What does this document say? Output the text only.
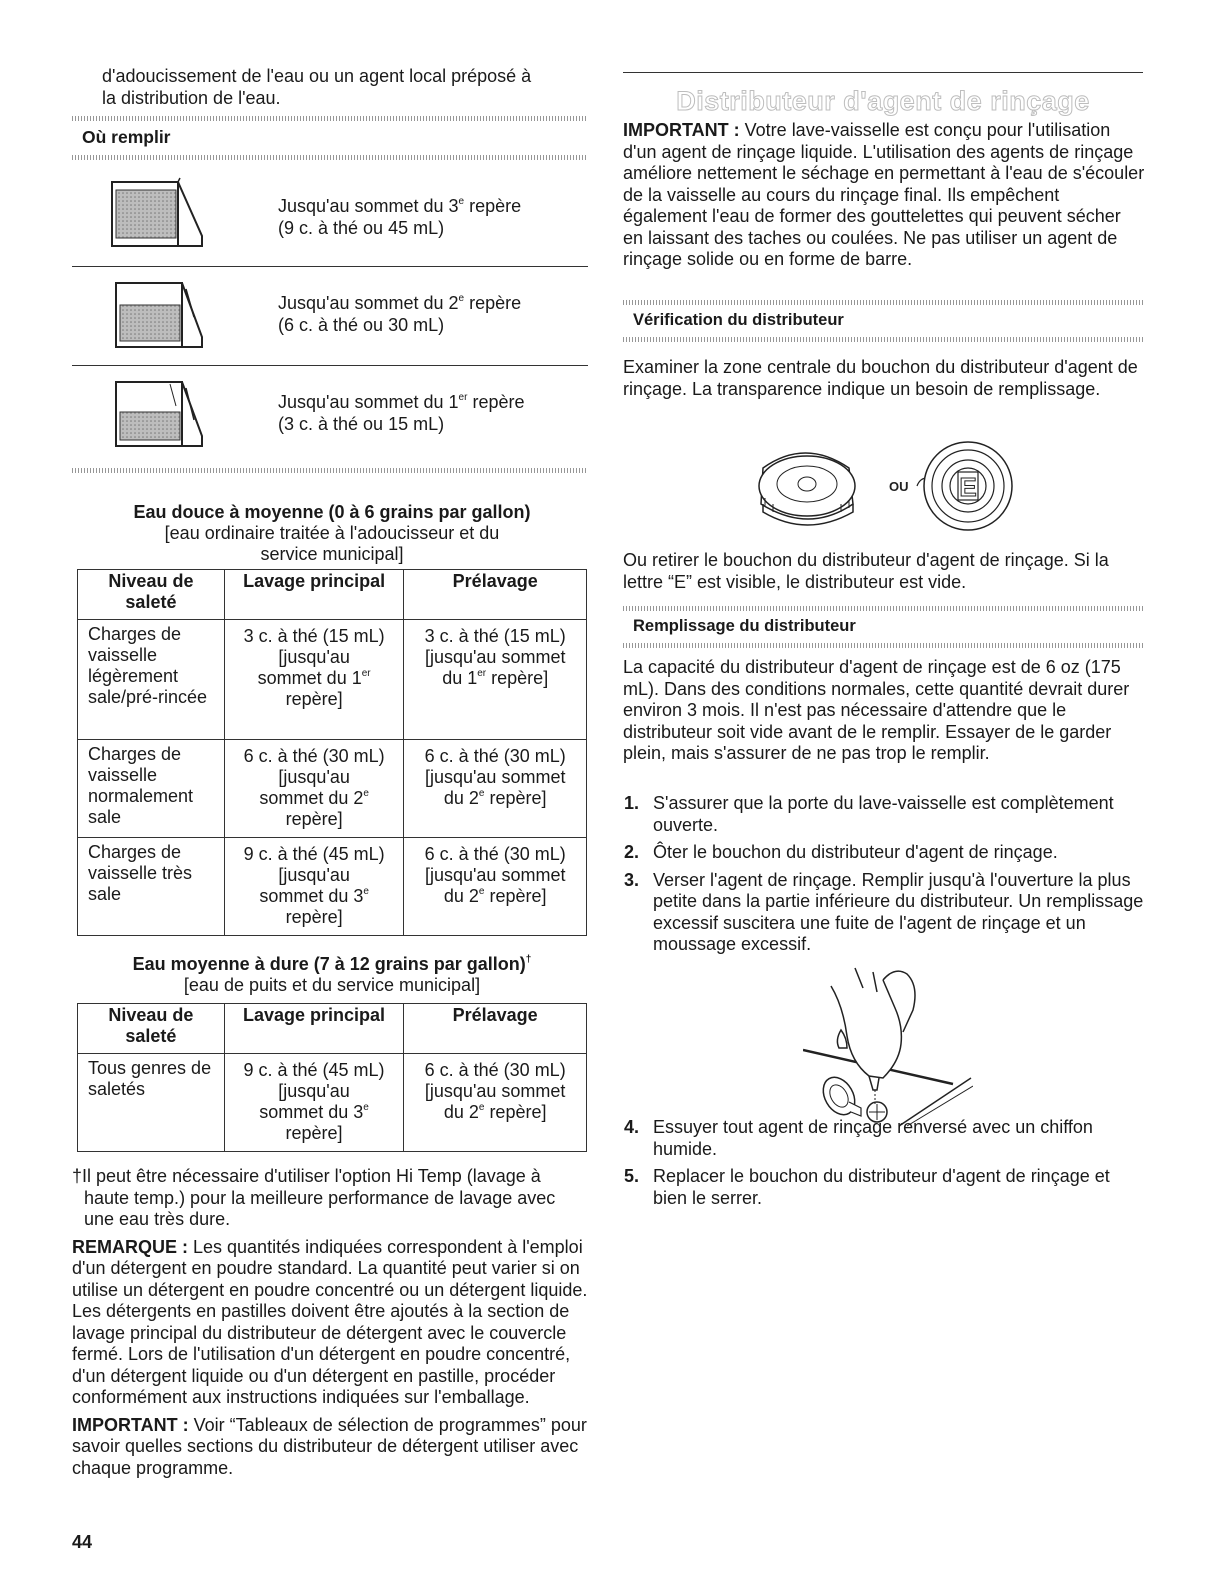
d'adoucissement de l'eau ou un agent local préposé à
la distribution de l'eau.

Où remplir
Jusqu'au sommet du 3e repère
(9 c. à thé ou 45 mL)
Jusqu'au sommet du 2e repère
(6 c. à thé ou 30 mL)
Jusqu'au sommet du 1er repère
(3 c. à thé ou 15 mL)
Eau douce à moyenne (0 à 6 grains par gallon)
[eau ordinaire traitée à l'adoucisseur et du
service municipal]
Niveau de saleté	Lavage principal	Prélavage
Charges de vaisselle légèrement sale/pré-rincée	3 c. à thé (15 mL)
[jusqu'au
sommet du 1er
repère]	3 c. à thé (15 mL)
[jusqu'au sommet
du 1er repère]
Charges de vaisselle normalement sale	6 c. à thé (30 mL)
[jusqu'au
sommet du 2e
repère]	6 c. à thé (30 mL)
[jusqu'au sommet
du 2e repère]
Charges de vaisselle très sale	9 c. à thé (45 mL)
[jusqu'au
sommet du 3e
repère]	6 c. à thé (30 mL)
[jusqu'au sommet
du 2e repère]
Eau moyenne à dure (7 à 12 grains par gallon)†
[eau de puits et du service municipal]
Niveau de saleté	Lavage principal	Prélavage
Tous genres de saletés	9 c. à thé (45 mL)
[jusqu'au
sommet du 3e
repère]	6 c. à thé (30 mL)
[jusqu'au sommet
du 2e repère]

†Il peut être nécessaire d'utiliser l'option Hi Temp (lavage à haute temp.) pour la meilleure performance de lavage avec une eau très dure.

REMARQUE : Les quantités indiquées correspondent à l'emploi d'un détergent en poudre standard. La quantité peut varier si on utilise un détergent en poudre concentré ou un détergent liquide. Les détergents en pastilles doivent être ajoutés à la section de lavage principal du distributeur de détergent avec le couvercle fermé. Lors de l'utilisation d'un détergent en poudre concentré, d'un détergent liquide ou d'un détergent en pastille, procéder conformément aux instructions indiquées sur l'emballage.

IMPORTANT : Voir “Tableaux de sélection de programmes” pour savoir quelles sections du distributeur de détergent utiliser avec chaque programme.

Distributeur d'agent de rinçage

IMPORTANT : Votre lave-vaisselle est conçu pour l'utilisation d'un agent de rinçage liquide. L'utilisation des agents de rinçage améliore nettement le séchage en permettant à l'eau de s'écouler de la vaisselle au cours du rinçage final. Ils empêchent également l'eau de former des gouttelettes qui peuvent sécher en laissant des taches ou coulées. Ne pas utiliser un agent de rinçage solide ou en forme de barre.

Vérification du distributeur

Examiner la zone centrale du bouchon du distributeur d'agent de rinçage. La transparence indique un besoin de remplissage.

OU E

Ou retirer le bouchon du distributeur d'agent de rinçage. Si la lettre “E” est visible, le distributeur est vide.

Remplissage du distributeur

La capacité du distributeur d'agent de rinçage est de 6 oz (175 mL). Dans des conditions normales, cette quantité devrait durer environ 3 mois. Il n'est pas nécessaire d'attendre que le distributeur soit vide avant de le remplir. Essayer de le garder plein, mais s'assurer de ne pas trop le remplir.

1. S'assurer que la porte du lave-vaisselle est complètement ouverte.
2. Ôter le bouchon du distributeur d'agent de rinçage.
3. Verser l'agent de rinçage. Remplir jusqu'à l'ouverture la plus petite dans la partie inférieure du distributeur. Un remplissage excessif suscitera une fuite de l'agent de rinçage et un moussage excessif.
4. Essuyer tout agent de rinçage renversé avec un chiffon humide.
5. Replacer le bouchon du distributeur d'agent de rinçage et bien le serrer.
44
